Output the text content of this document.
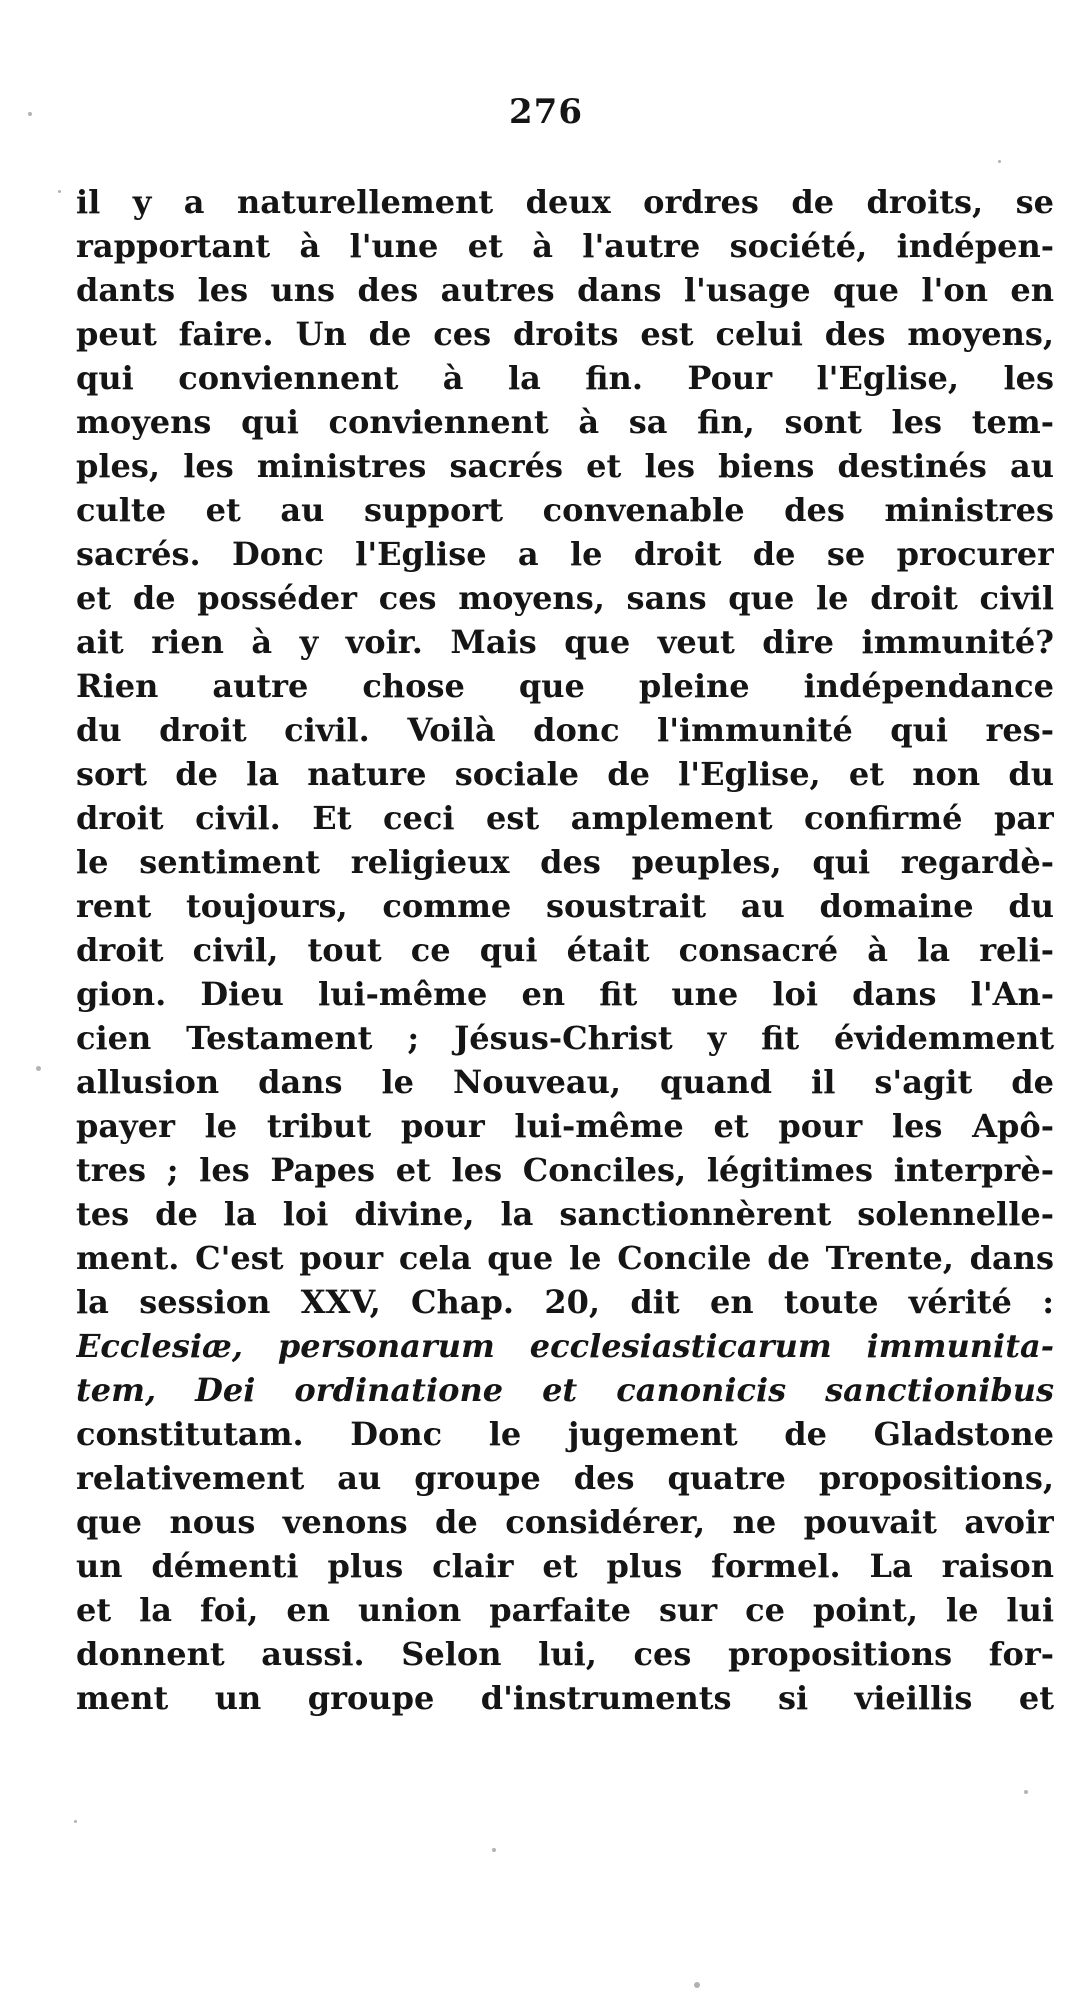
276
il y a naturellement deux ordres de droits, se
rapportant à l'une et à l'autre société, indépen-
dants les uns des autres dans l'usage que l'on en
peut faire. Un de ces droits est celui des moyens,
qui conviennent à la fin. Pour l'Eglise, les
moyens qui conviennent à sa fin, sont les tem-
ples, les ministres sacrés et les biens destinés au
culte et au support convenable des ministres
sacrés. Donc l'Eglise a le droit de se procurer
et de posséder ces moyens, sans que le droit civil
ait rien à y voir. Mais que veut dire immunité?
Rien autre chose que pleine indépendance
du droit civil. Voilà donc l'immunité qui res-
sort de la nature sociale de l'Eglise, et non du
droit civil. Et ceci est amplement confirmé par
le sentiment religieux des peuples, qui regardè-
rent toujours, comme soustrait au domaine du
droit civil, tout ce qui était consacré à la reli-
gion. Dieu lui-même en fit une loi dans l'An-
cien Testament ; Jésus-Christ y fit évidemment
allusion dans le Nouveau, quand il s'agit de
payer le tribut pour lui-même et pour les Apô-
tres ; les Papes et les Conciles, légitimes interprè-
tes de la loi divine, la sanctionnèrent solennelle-
ment. C'est pour cela que le Concile de Trente, dans
la session XXV, Chap. 20, dit en toute vérité :
Ecclesiæ, personarum ecclesiasticarum immunita-
tem, Dei ordinatione et canonicis sanctionibus
constitutam. Donc le jugement de Gladstone
relativement au groupe des quatre propositions,
que nous venons de considérer, ne pouvait avoir
un démenti plus clair et plus formel. La raison
et la foi, en union parfaite sur ce point, le lui
donnent aussi. Selon lui, ces propositions for-
ment un groupe d'instruments si vieillis et
